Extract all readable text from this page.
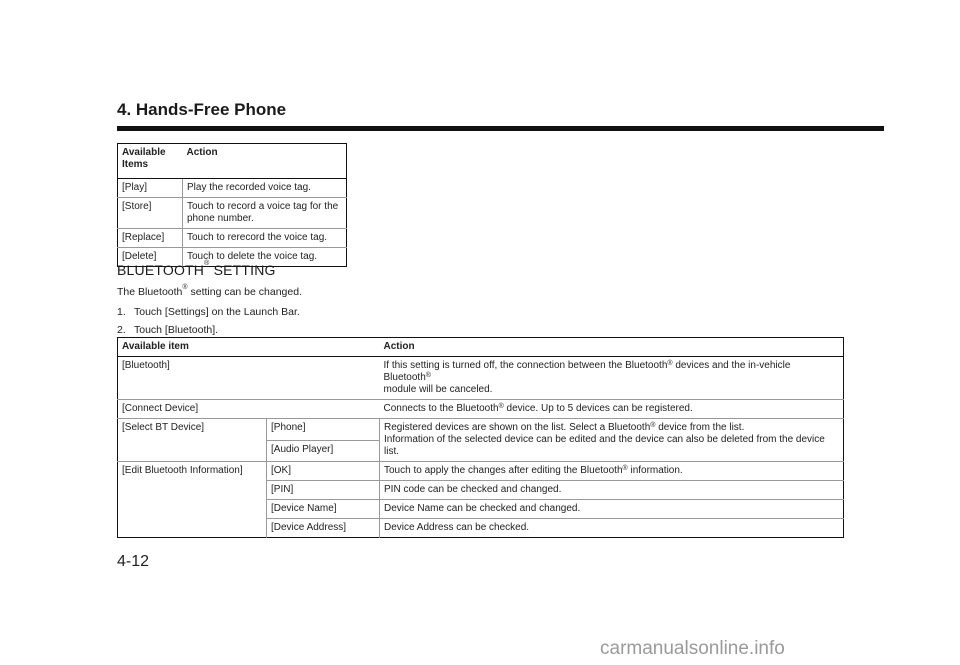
4. Hands-Free Phone
Available Items	Action
[Play]	Play the recorded voice tag.
[Store]	Touch to record a voice tag for the phone number.
[Replace]	Touch to rerecord the voice tag.
[Delete]	Touch to delete the voice tag.
BLUETOOTH® SETTING
The Bluetooth® setting can be changed.
1. Touch [Settings] on the Launch Bar.
2. Touch [Bluetooth].
Available item		Action
[Bluetooth]		If this setting is turned off, the connection between the Bluetooth® devices and the in-vehicle Bluetooth®
module will be canceled.
[Connect Device]		Connects to the Bluetooth® device. Up to 5 devices can be registered.
[Select BT Device]	[Phone]	Registered devices are shown on the list. Select a Bluetooth® device from the list.
Information of the selected device can be edited and the device can also be deleted from the device list.
	[Audio Player]	
[Edit Bluetooth Information]	[OK]	Touch to apply the changes after editing the Bluetooth® information.
	[PIN]	PIN code can be checked and changed.
	[Device Name]	Device Name can be checked and changed.
	[Device Address]	Device Address can be checked.
4-12
carmanualsonline.info
